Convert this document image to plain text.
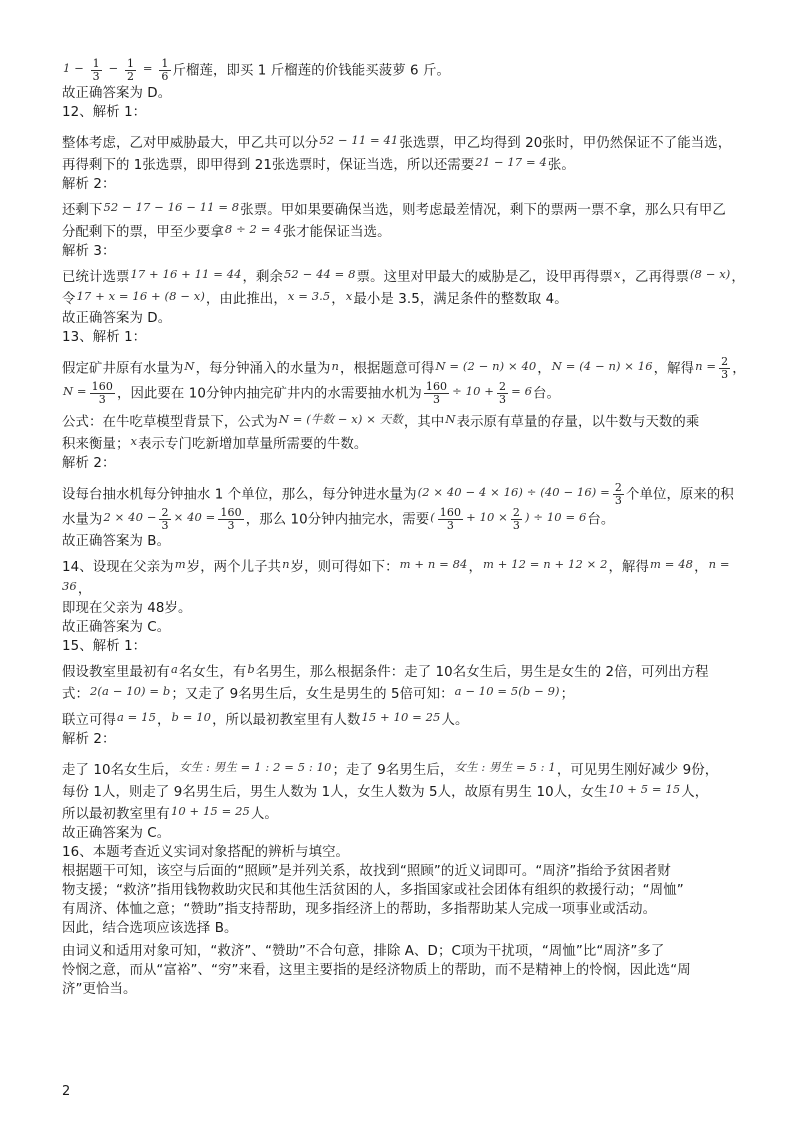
$1 - \frac{1}{3} - \frac{1}{2} = \frac{1}{6}$ 斤榴莲，即买 1 斤榴莲的价钱能买菠萝 6 斤。

故正确答案为 D。

12、解析 1：

整体考虑，乙对甲威胁最大，甲乙共可以分52 − 11 = 41张选票，甲乙均得到 20张时，甲仍然保证不了能当选，
再得剩下的 1张选票，即甲得到 21张选票时，保证当选，所以还需要21 − 17 = 4张。

解析 2：

还剩下52 − 17 − 16 − 11 = 8张票。甲如果要确保当选，则考虑最差情况，剩下的票两一票不拿，那么只有甲乙
分配剩下的票，甲至少要拿8 ÷ 2 = 4张才能保证当选。

解析 3：

已统计选票17 + 16 + 11 = 44，剩余52 − 44 = 8票。这里对甲最大的威胁是乙，设甲再得票x，乙再得票(8 − x)，
令17 + x = 16 + (8 − x)，由此推出，x = 3.5，x最小是 3.5，满足条件的整数取 4。

故正确答案为 D。

13、解析 1：

假定矿井原有水量为N，每分钟涌入的水量为n，根据题意可得N = (2 − n) × 40，N = (4 − n) × 16，解得$n = \frac{2}{3}$ ，
$N = \frac{160}{3}$ ，因此要在 10分钟内抽完矿井内的水需要抽水机为 $\frac{160}{3} \div 10 + \frac{2}{3} = 6$台。

公式：在牛吃草模型背景下，公式为N = (牛数 − x) × 天数，其中N表示原有草量的存量，以牛数与天数的乘
积来衡量；x表示专门吃新增加草量所需要的牛数。

解析 2：

设每台抽水机每分钟抽水 1 个单位，那么，每分钟进水量为$(2 \times 40 - 4 \times 16) \div (40 - 16) = \frac{2}{3}$ 个单位，原来的积
水量为$2 \times 40 - \frac{2}{3} \times 40 = \frac{160}{3}$ ，那么 10分钟内抽完水，需要( $\frac{160}{3} + 10 \times \frac{2}{3}$ ) ÷ 10 = 6台。

故正确答案为 B。

14、设现在父亲为m岁，两个儿子共n岁，则可得如下：m + n = 84，m + 12 = n + 12 × 2，解得m = 48，n = 36，
即现在父亲为 48岁。

故正确答案为 C。

15、解析 1：

假设教室里最初有a名女生，有b名男生，那么根据条件：走了 10名女生后，男生是女生的 2倍，可列出方程
式：2(a − 10) = b；又走了 9名男生后，女生是男生的 5倍可知：a − 10 = 5(b − 9)；

联立可得a = 15，b = 10，所以最初教室里有人数15 + 10 = 25人。

解析 2：

走了 10名女生后，女生 : 男生 = 1 : 2 = 5 : 10；走了 9名男生后，女生 : 男生 = 5 : 1，可见男生刚好减少 9份，
每份 1人，则走了 9名男生后，男生人数为 1人，女生人数为 5人，故原有男生 10人，女生10 + 5 = 15人，
所以最初教室里有10 + 15 = 25人。

故正确答案为 C。

16、本题考查近义实词对象搭配的辨析与填空。

根据题干可知，该空与后面的“照顾”是并列关系，故找到“照顾”的近义词即可。“周济”指给予贫困者财

物支援；“救济”指用钱物救助灾民和其他生活贫困的人，多指国家或社会团体有组织的救援行动；“周恤”

有周济、体恤之意；“赞助”指支持帮助，现多指经济上的帮助，多指帮助某人完成一项事业或活动。

因此，结合选项应该选择 B。

由词义和适用对象可知，“救济”、“赞助”不合句意，排除 A、D；C项为干扰项，“周恤”比“周济”多了

怜悯之意，而从“富裕”、“穷”来看，这里主要指的是经济物质上的帮助，而不是精神上的怜悯，因此选“周

济”更恰当。

2
